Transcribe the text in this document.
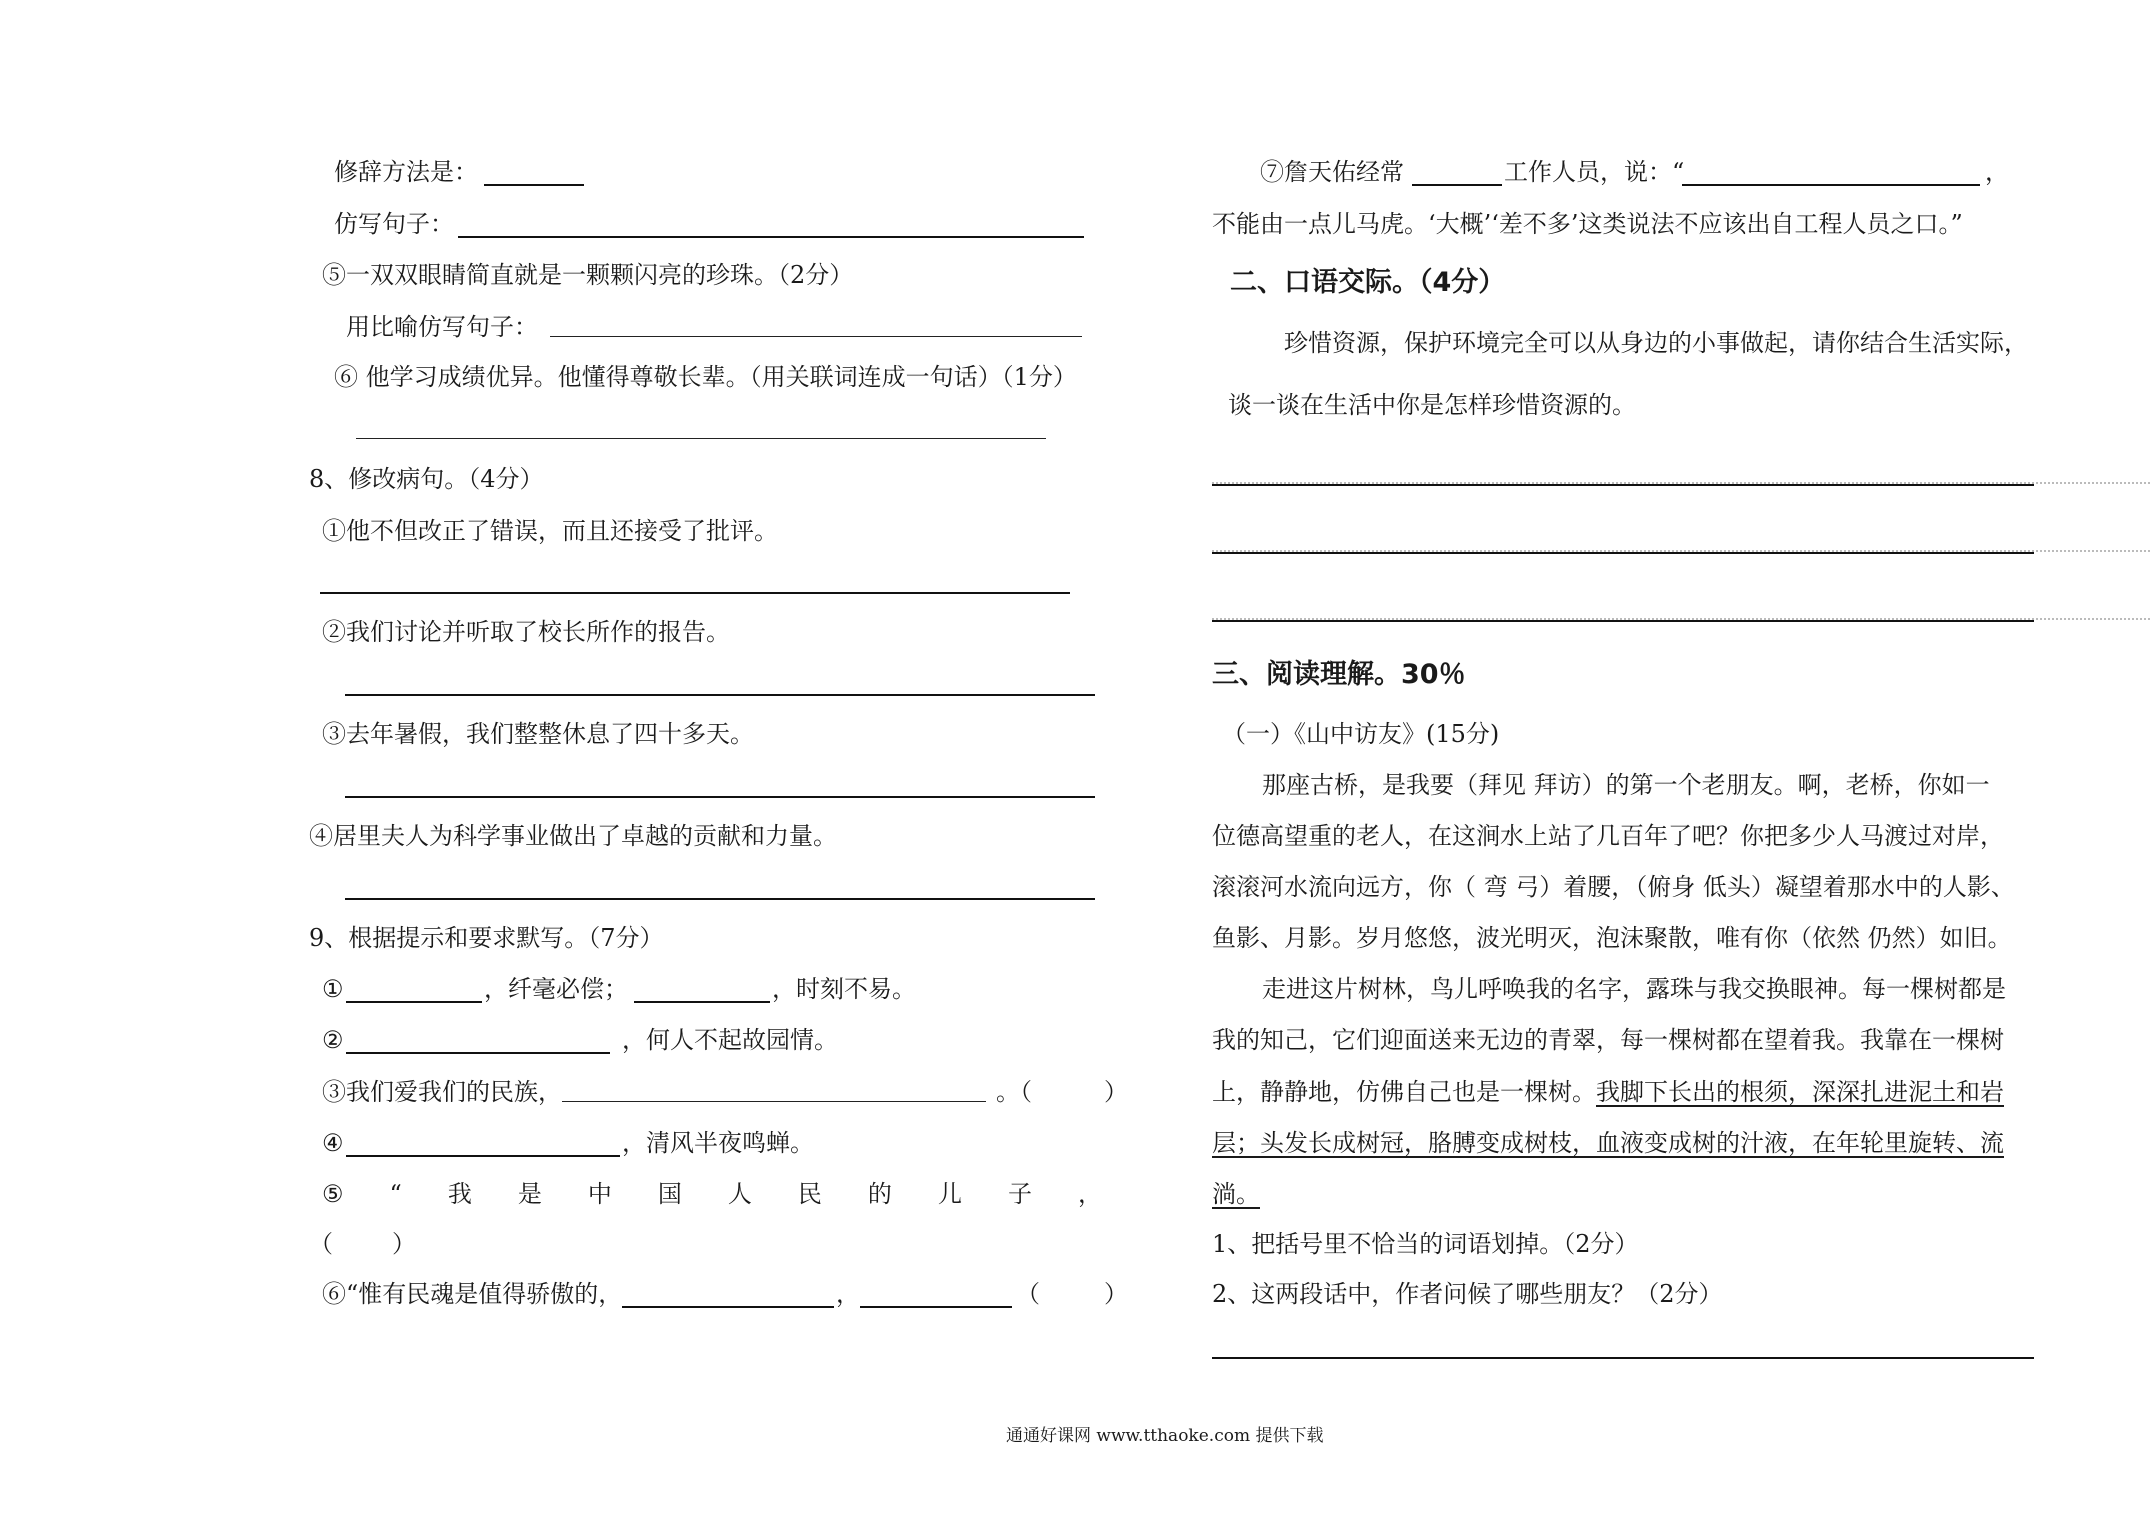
修辞方法是：
仿写句子：
⑤一双双眼睛简直就是一颗颗闪亮的珍珠。（2分）
用比喻仿写句子：
⑥ 他学习成绩优异。他懂得尊敬长辈。（用关联词连成一句话）（1分）
8、修改病句。（4分）
①他不但改正了错误，而且还接受了批评。
②我们讨论并听取了校长所作的报告。
③去年暑假，我们整整休息了四十多天。
④居里夫人为科学事业做出了卓越的贡献和力量。
9、根据提示和要求默写。（7分）
①	，纤毫必偿；	，时刻不易。
②	，何人不起故园情。
③我们爱我们的民族，	。（	）
④	，清风半夜鸣蝉。
⑤ “ 我 是 中 国 人 民 的 儿 子 ，
（ ）
⑥“惟有民魂是值得骄傲的，	，	（	）
⑦詹天佑经常	工作人员，说：“	，
不能由一点儿马虎。‘大概’‘差不多’这类说法不应该出自工程人员之口。”
二、口语交际。（4分）
珍惜资源，保护环境完全可以从身边的小事做起，请你结合生活实际，
谈一谈在生活中你是怎样珍惜资源的。
三、阅读理解。30％
（一）《山中访友》(15分)
那座古桥，是我要（拜见 拜访）的第一个老朋友。啊，老桥，你如一
位德高望重的老人，在这涧水上站了几百年了吧？你把多少人马渡过对岸，
滚滚河水流向远方，你（ 弯 弓）着腰，（俯身 低头）凝望着那水中的人影、
鱼影、月影。岁月悠悠，波光明灭，泡沫聚散，唯有你（依然 仍然）如旧。
走进这片树林，鸟儿呼唤我的名字，露珠与我交换眼神。每一棵树都是
我的知己，它们迎面送来无边的青翠，每一棵树都在望着我。我靠在一棵树
上，静静地，仿佛自己也是一棵树。我脚下长出的根须，深深扎进泥土和岩
层；头发长成树冠，胳膊变成树枝，血液变成树的汁液，在年轮里旋转、流
淌。
1、把括号里不恰当的词语划掉。（2分）
2、这两段话中，作者问候了哪些朋友？（2分）
通通好课网 www.tthaoke.com 提供下载
